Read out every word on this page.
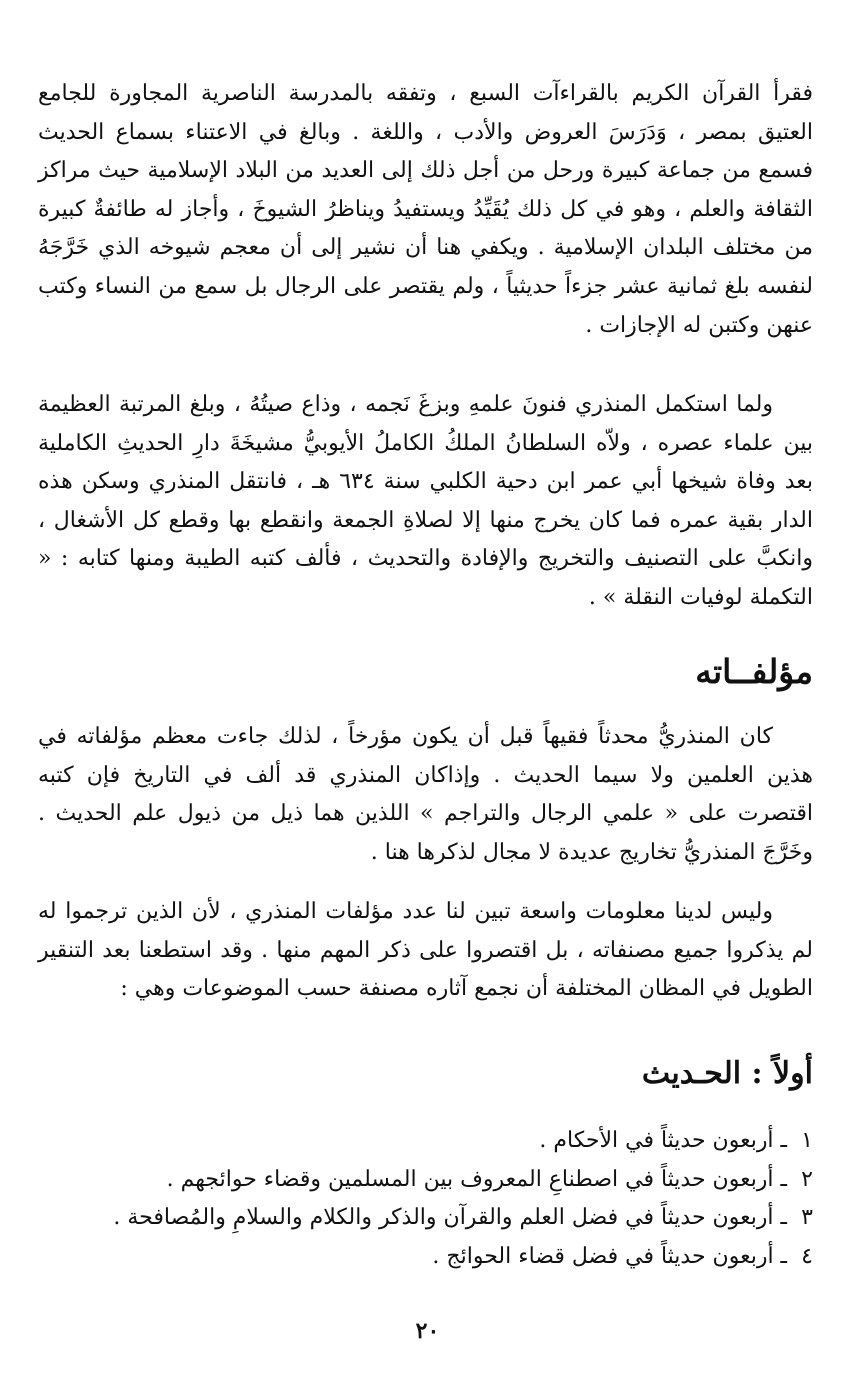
فقرأ القرآن الكريم بالقراءآت السبع ، وتفقه بالمدرسة الناصرية المجاورة للجامع العتيق بمصر ، وَدَرَسَ العروض والأدب ، واللغة . وبالغ في الاعتناء بسماع الحديث فسمع من جماعة كبيرة ورحل من أجل ذلك إلى العديد من البلاد الإسلامية حيث مراكز الثقافة والعلم ، وهو في كل ذلك يُقَيِّدُ ويستفيدُ ويناظرُ الشيوخَ ، وأجاز له طائفةٌ كبيرة من مختلف البلدان الإسلامية . ويكفي هنا أن نشير إلى أن معجم شيوخه الذي خَرَّجَهُ لنفسه بلغ ثمانية عشر جزءاً حديثياً ، ولم يقتصر على الرجال بل سمع من النساء وكتب عنهن وكتبن له الإجازات .

ولما استكمل المنذري فنونَ علمهِ وبزغَ نَجمه ، وذاع صيتُهُ ، وبلغ المرتبة العظيمة بين علماء عصره ، ولاّه السلطانُ الملكُ الكاملُ الأيوبيُّ مشيخَةَ دارِ الحديثِ الكاملية بعد وفاة شيخها أبي عمر ابن دحية الكلبي سنة ٦٣٤ هـ ، فانتقل المنذري وسكن هذه الدار بقية عمره فما كان يخرج منها إلا لصلاةِ الجمعة وانقطع بها وقطع كل الأشغال ، وانكبَّ على التصنيف والتخريج والإفادة والتحديث ، فألف كتبه الطيبة ومنها كتابه : « التكملة لوفيات النقلة » .

مؤلفــاته

كان المنذريُّ محدثاً فقيهاً قبل أن يكون مؤرخاً ، لذلك جاءت معظم مؤلفاته في هذين العلمين ولا سيما الحديث . وإذاكان المنذري قد ألف في التاريخ فإن كتبه اقتصرت على « علمي الرجال والتراجم » اللذين هما ذيل من ذيول علم الحديث . وخَرَّجَ المنذريُّ تخاريج عديدة لا مجال لذكرها هنا .

وليس لدينا معلومات واسعة تبين لنا عدد مؤلفات المنذري ، لأن الذين ترجموا له لم يذكروا جميع مصنفاته ، بل اقتصروا على ذكر المهم منها . وقد استطعنا بعد التنقير الطويل في المظان المختلفة أن نجمع آثاره مصنفة حسب الموضوعات وهي :

أولاً : الحـديث
١ـ أربعون حديثاً في الأحكام .
٢ـ أربعون حديثاً في اصطناعِ المعروف بين المسلمين وقضاء حوائجهم .
٣ـ أربعون حديثاً في فضل العلم والقرآن والذكر والكلام والسلامِ والمُصافحة .
٤ـ أربعون حديثاً في فضل قضاء الحوائج .
٢٠
